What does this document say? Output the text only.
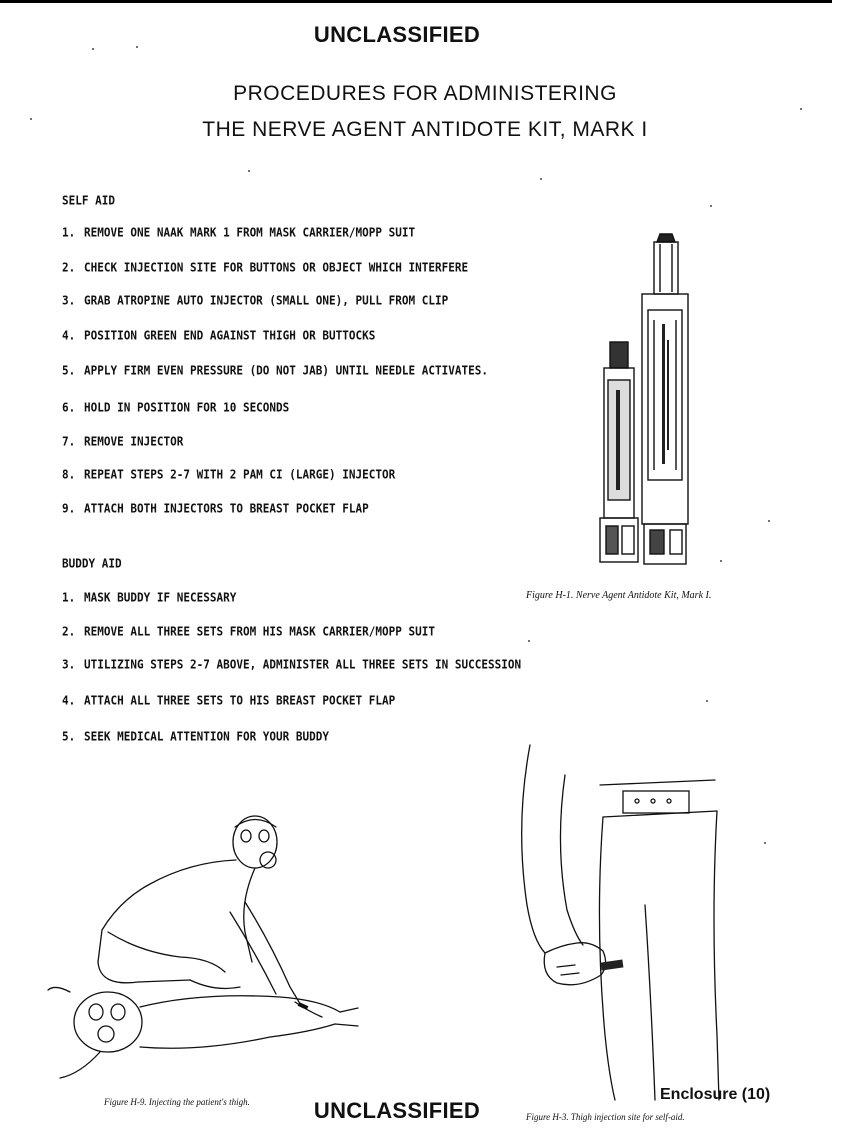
UNCLASSIFIED
PROCEDURES FOR ADMINISTERING
THE NERVE AGENT ANTIDOTE KIT, MARK I
SELF AID
1. REMOVE ONE NAAK MARK 1 FROM MASK CARRIER/MOPP SUIT
2. CHECK INJECTION SITE FOR BUTTONS OR OBJECT WHICH INTERFERE
3. GRAB ATROPINE AUTO INJECTOR (SMALL ONE), PULL FROM CLIP
4. POSITION GREEN END AGAINST THIGH OR BUTTOCKS
5. APPLY FIRM EVEN PRESSURE (DO NOT JAB) UNTIL NEEDLE ACTIVATES.
6. HOLD IN POSITION FOR 10 SECONDS
7. REMOVE INJECTOR
8. REPEAT STEPS 2-7 WITH 2 PAM CI (LARGE) INJECTOR
9. ATTACH BOTH INJECTORS TO BREAST POCKET FLAP
BUDDY AID
1. MASK BUDDY IF NECESSARY
2. REMOVE ALL THREE SETS FROM HIS MASK CARRIER/MOPP SUIT
3. UTILIZING STEPS 2-7 ABOVE, ADMINISTER ALL THREE SETS IN SUCCESSION
4. ATTACH ALL THREE SETS TO HIS BREAST POCKET FLAP
5. SEEK MEDICAL ATTENTION FOR YOUR BUDDY
Figure H-1. Nerve Agent Antidote Kit, Mark I.
Figure H-9. Injecting the patient's thigh.
Figure H-3. Thigh injection site for self-aid.
Enclosure (10)
UNCLASSIFIED
